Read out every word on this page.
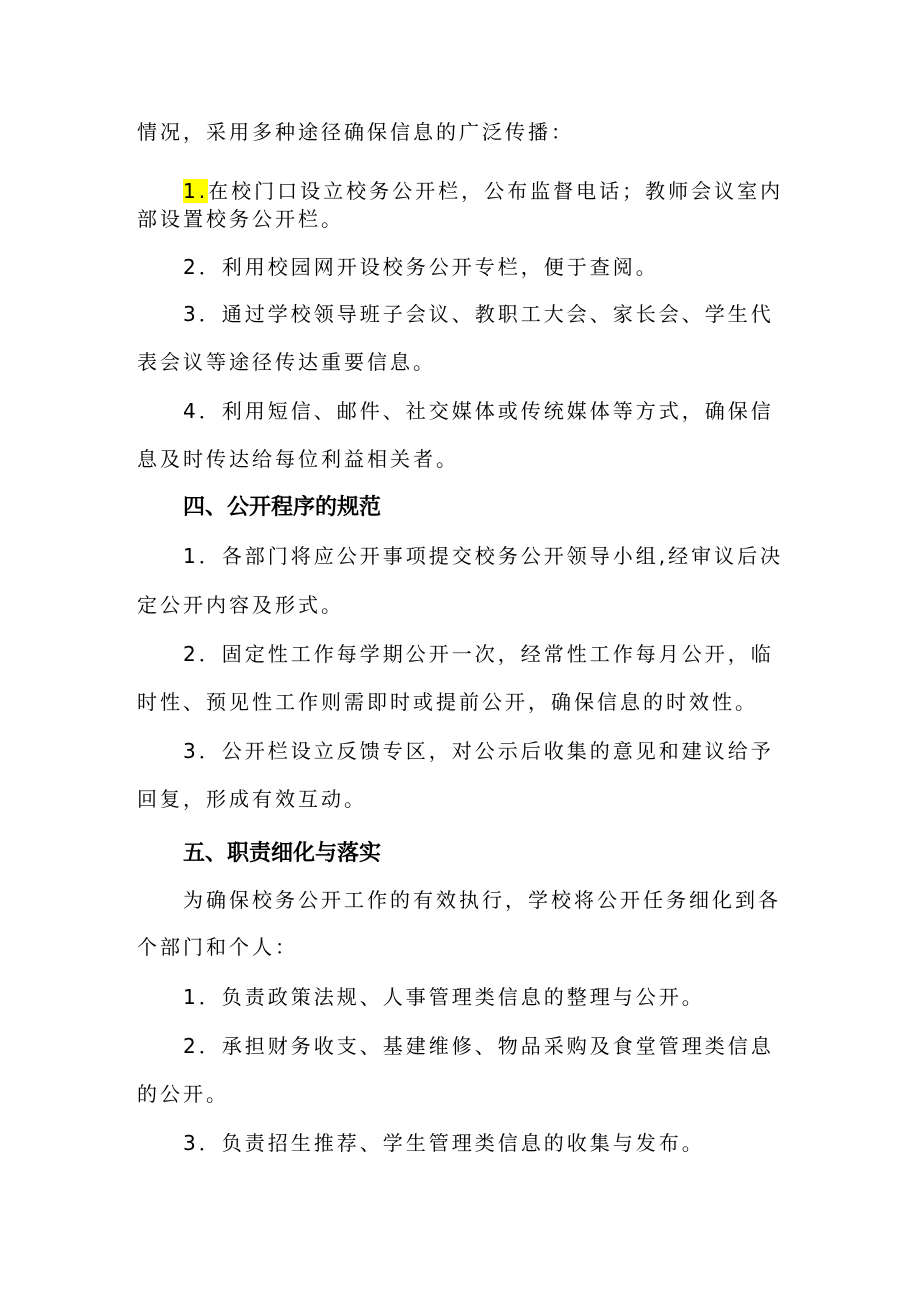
情况，采用多种途径确保信息的广泛传播：
1.在校门口设立校务公开栏，公布监督电话；教师会议室内
部设置校务公开栏。
2．利用校园网开设校务公开专栏，便于查阅。
3．通过学校领导班子会议、教职工大会、家长会、学生代
表会议等途径传达重要信息。
4．利用短信、邮件、社交媒体或传统媒体等方式，确保信
息及时传达给每位利益相关者。
四、公开程序的规范
1．各部门将应公开事项提交校务公开领导小组,经审议后决
定公开内容及形式。
2．固定性工作每学期公开一次，经常性工作每月公开，临
时性、预见性工作则需即时或提前公开，确保信息的时效性。
3．公开栏设立反馈专区，对公示后收集的意见和建议给予
回复，形成有效互动。
五、职责细化与落实
为确保校务公开工作的有效执行，学校将公开任务细化到各
个部门和个人：
1．负责政策法规、人事管理类信息的整理与公开。
2．承担财务收支、基建维修、物品采购及食堂管理类信息
的公开。
3．负责招生推荐、学生管理类信息的收集与发布。
